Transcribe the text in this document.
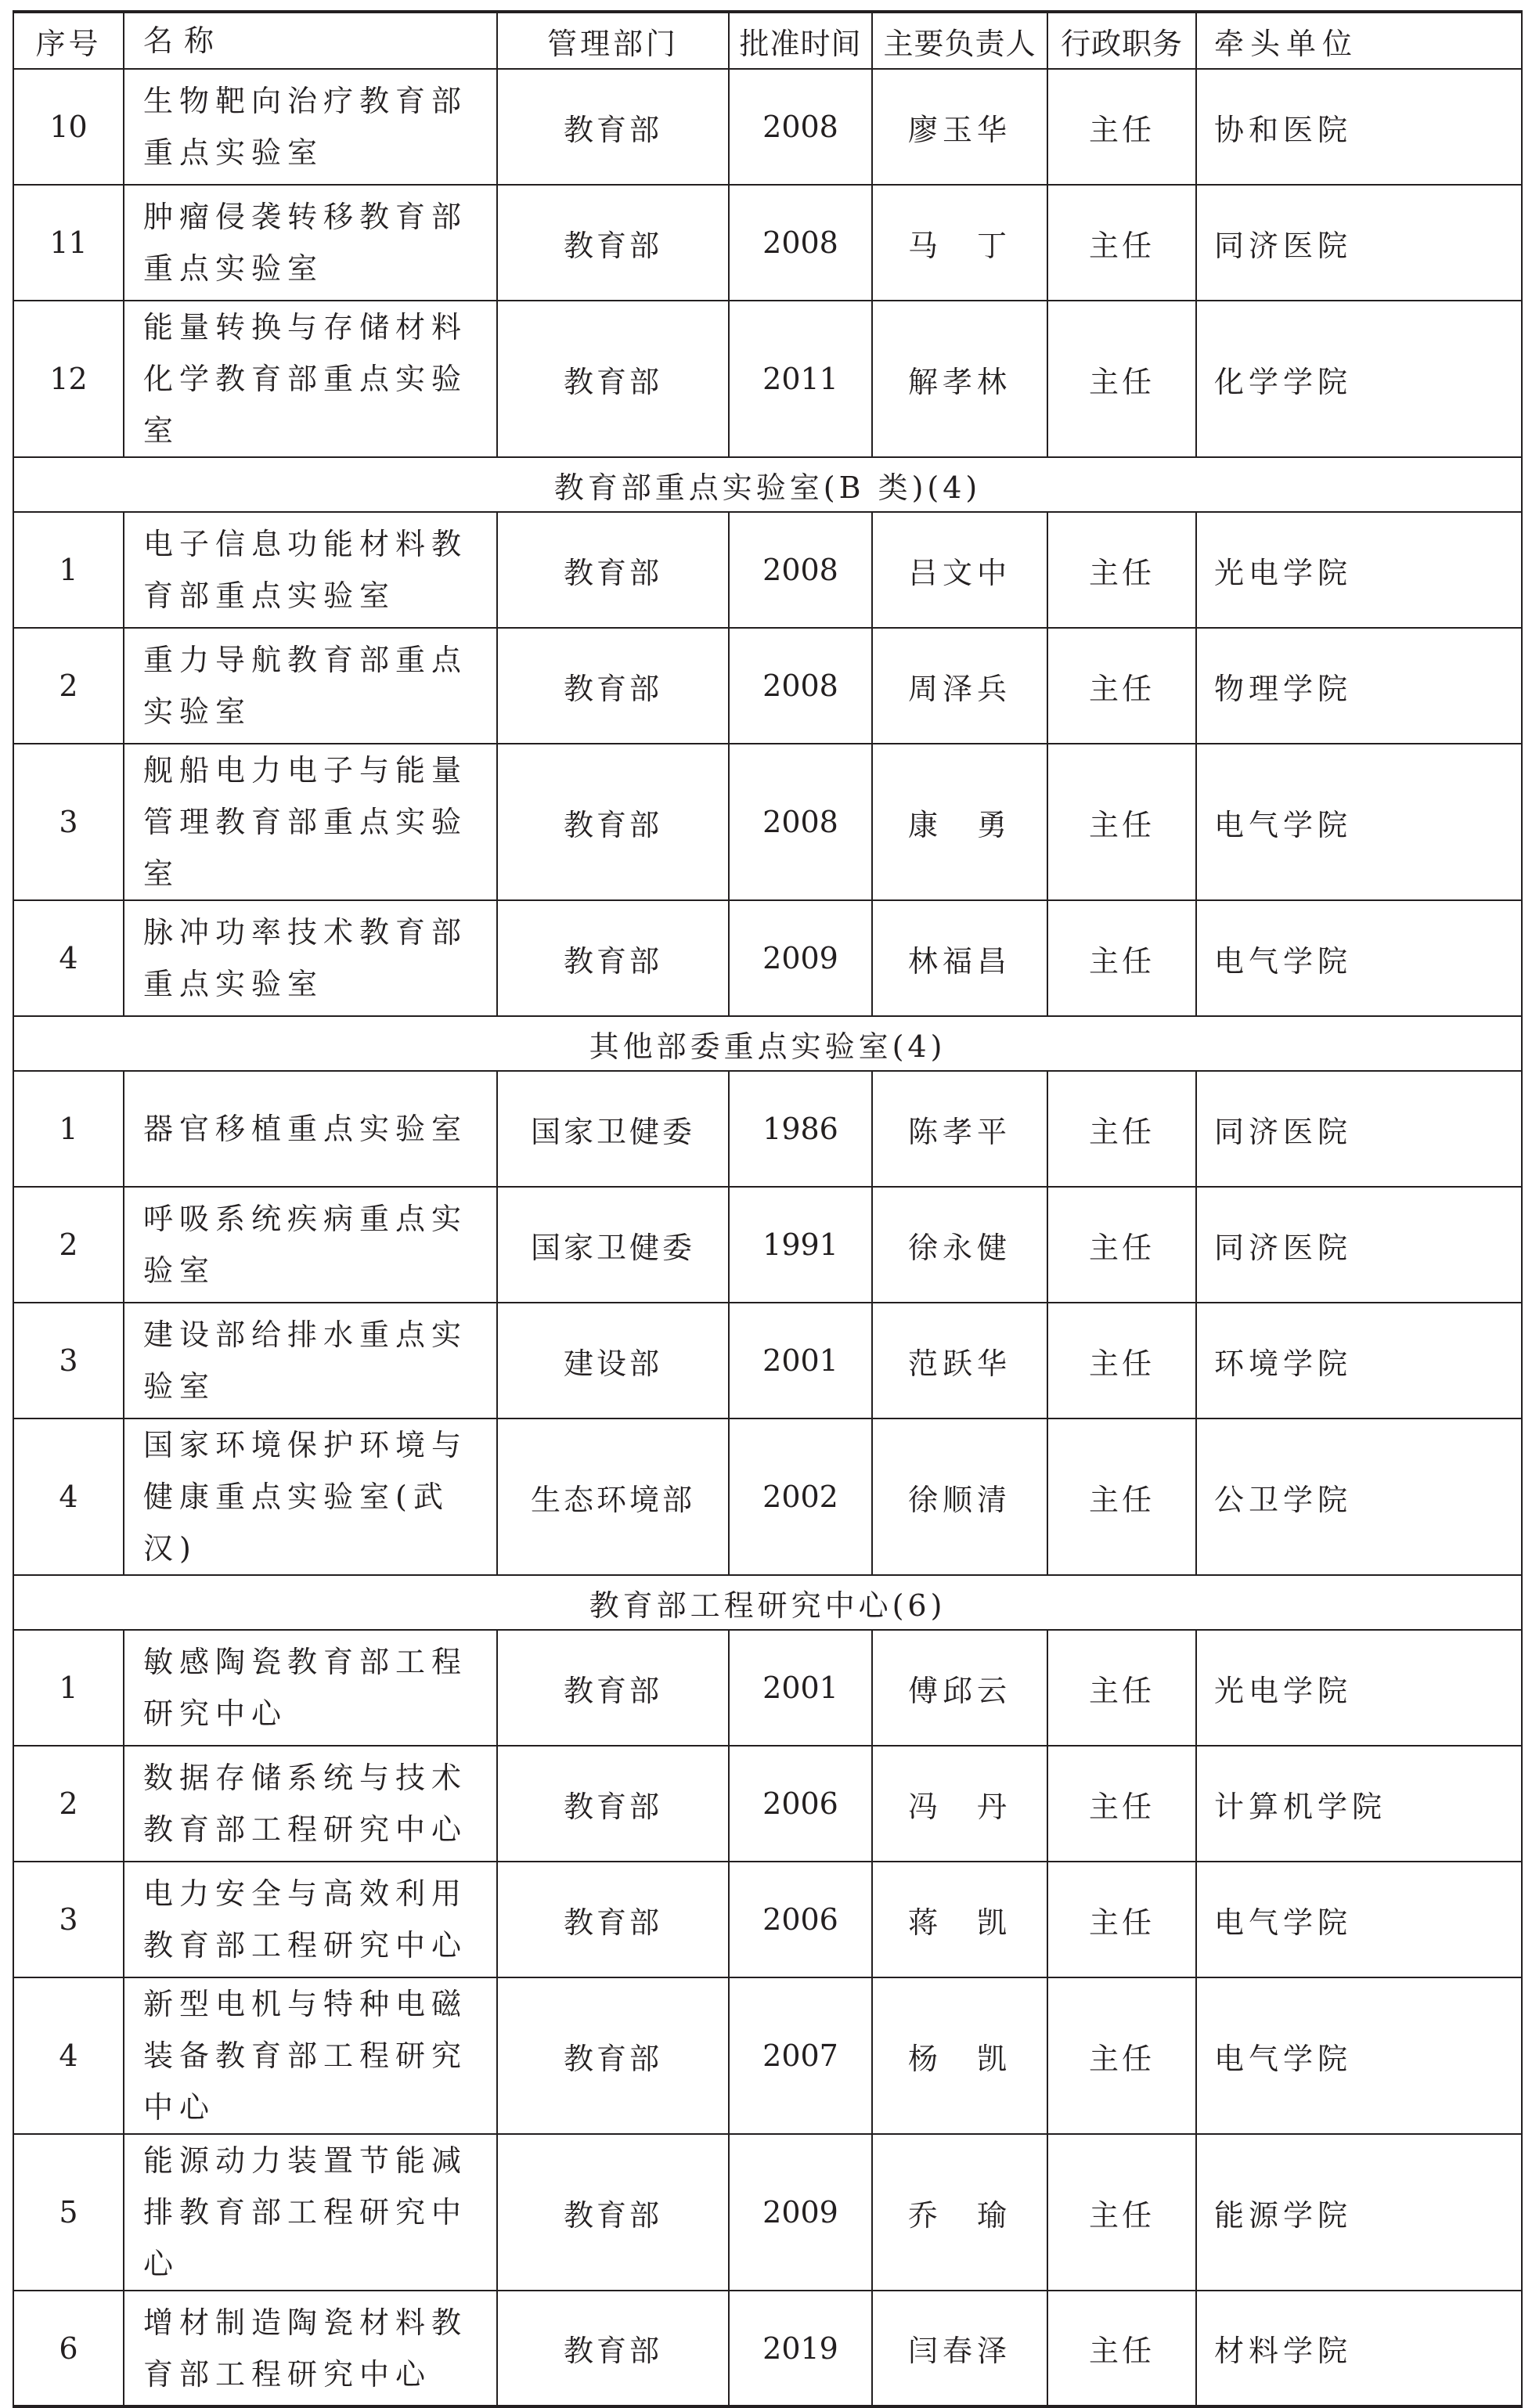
序号	名称	管理部门	批准时间	主要负责人	行政职务	牵头单位
10	生物靶向治疗教育部重点实验室	教育部	2008	廖玉华	主任	协和医院
11	肿瘤侵袭转移教育部重点实验室	教育部	2008	马　丁	主任	同济医院
12	能量转换与存储材料化学教育部重点实验室	教育部	2011	解孝林	主任	化学学院
教育部重点实验室(B 类)(4)						
1	电子信息功能材料教育部重点实验室	教育部	2008	吕文中	主任	光电学院
2	重力导航教育部重点实验室	教育部	2008	周泽兵	主任	物理学院
3	舰船电力电子与能量管理教育部重点实验室	教育部	2008	康　勇	主任	电气学院
4	脉冲功率技术教育部重点实验室	教育部	2009	林福昌	主任	电气学院
其他部委重点实验室(4)						
1	器官移植重点实验室	国家卫健委	1986	陈孝平	主任	同济医院
2	呼吸系统疾病重点实验室	国家卫健委	1991	徐永健	主任	同济医院
3	建设部给排水重点实验室	建设部	2001	范跃华	主任	环境学院
4	国家环境保护环境与健康重点实验室(武汉)	生态环境部	2002	徐顺清	主任	公卫学院
教育部工程研究中心(6)						
1	敏感陶瓷教育部工程研究中心	教育部	2001	傅邱云	主任	光电学院
2	数据存储系统与技术教育部工程研究中心	教育部	2006	冯　丹	主任	计算机学院
3	电力安全与高效利用教育部工程研究中心	教育部	2006	蒋　凯	主任	电气学院
4	新型电机与特种电磁装备教育部工程研究中心	教育部	2007	杨　凯	主任	电气学院
5	能源动力装置节能减排教育部工程研究中心	教育部	2009	乔　瑜	主任	能源学院
6	增材制造陶瓷材料教育部工程研究中心	教育部	2019	闫春泽	主任	材料学院
